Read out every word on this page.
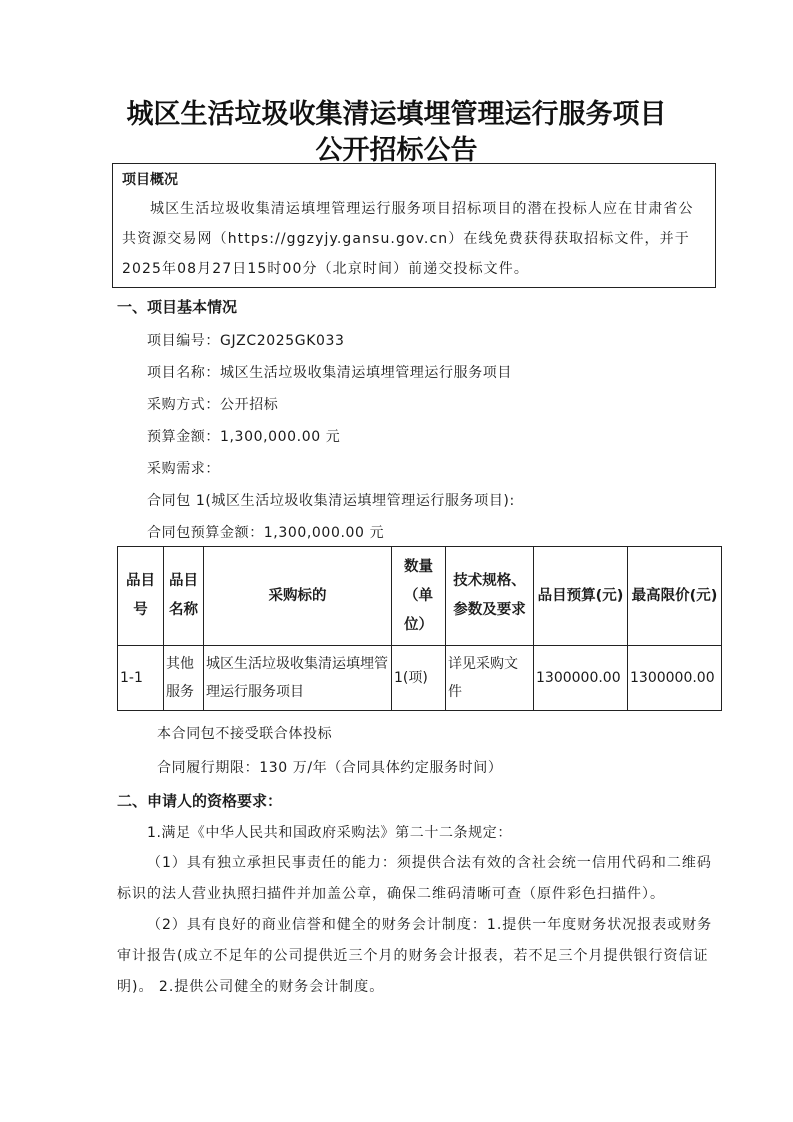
城区生活垃圾收集清运填埋管理运行服务项目
公开招标公告
项目概况
城区生活垃圾收集清运填埋管理运行服务项目招标项目的潜在投标人应在甘肃省公共资源交易网（https://ggzyjy.gansu.gov.cn）在线免费获得获取招标文件，并于2025年08月27日15时00分（北京时间）前递交投标文件。
一、项目基本情况
项目编号：GJZC2025GK033
项目名称：城区生活垃圾收集清运填埋管理运行服务项目
采购方式：公开招标
预算金额：1,300,000.00 元
采购需求：
合同包 1(城区生活垃圾收集清运填埋管理运行服务项目):
合同包预算金额：1,300,000.00 元
品目号	品目名称	采购标的	数量（单位）	技术规格、参数及要求	品目预算(元)	最高限价(元)
1-1	其他服务	城区生活垃圾收集清运填埋管理运行服务项目	1(项)	详见采购文件	1300000.00	1300000.00
本合同包不接受联合体投标
合同履行期限：130 万/年（合同具体约定服务时间）
二、申请人的资格要求：
1.满足《中华人民共和国政府采购法》第二十二条规定：
（1）具有独立承担民事责任的能力：须提供合法有效的含社会统一信用代码和二维码标识的法人营业执照扫描件并加盖公章，确保二维码清晰可查（原件彩色扫描件）。
（2）具有良好的商业信誉和健全的财务会计制度：1.提供一年度财务状况报表或财务审计报告(成立不足年的公司提供近三个月的财务会计报表，若不足三个月提供银行资信证明)。 2.提供公司健全的财务会计制度。
